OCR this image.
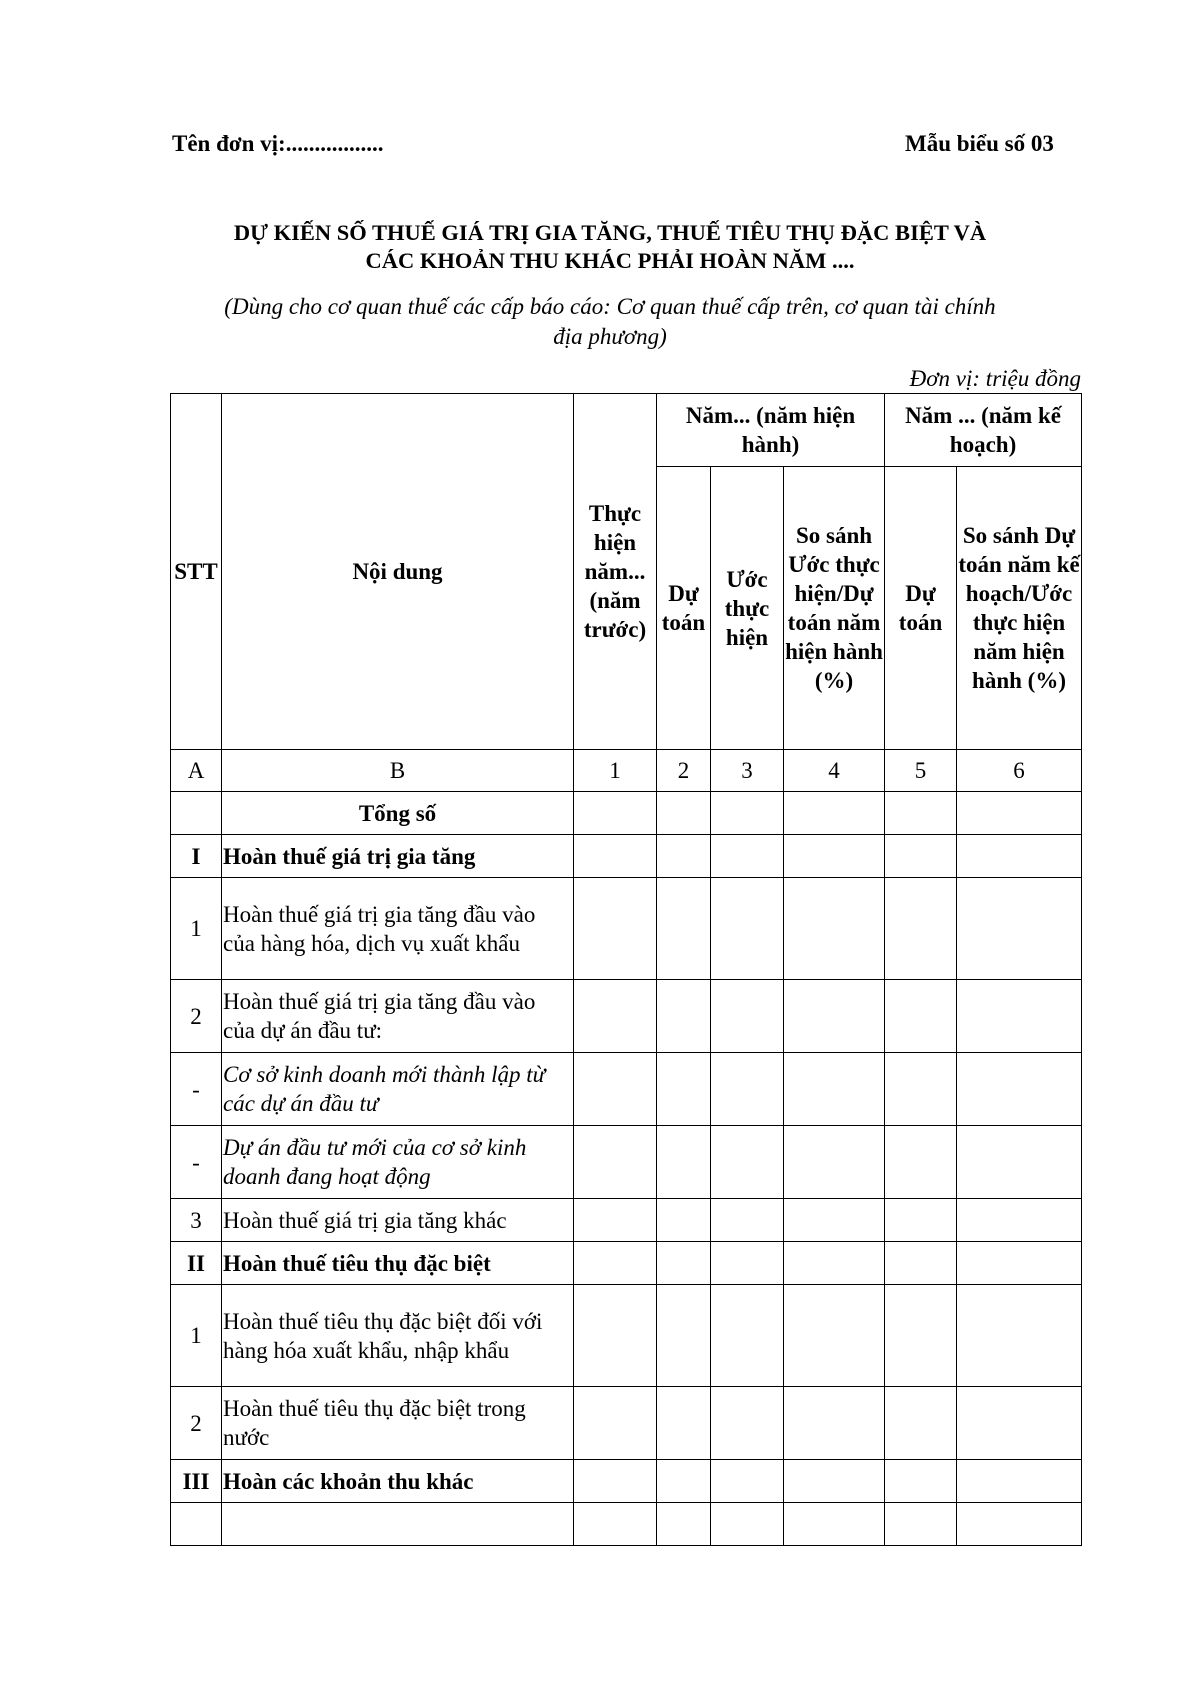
Tên đơn vị:.................	Mẫu biểu số 03
DỰ KIẾN SỐ THUẾ GIÁ TRỊ GIA TĂNG, THUẾ TIÊU THỤ ĐẶC BIỆT VÀ
CÁC KHOẢN THU KHÁC PHẢI HOÀN NĂM ....
(Dùng cho cơ quan thuế các cấp báo cáo: Cơ quan thuế cấp trên, cơ quan tài chính
địa phương)
Đơn vị: triệu đồng
STT	Nội dung	Thực hiện năm... (năm trước)	Năm... (năm hiện hành)			Năm ... (năm kế hoạch)	
			Dự toán	Ước thực hiện	So sánh Ước thực hiện/Dự toán năm hiện hành (%)	Dự toán	So sánh Dự toán năm kế hoạch/Ước thực hiện năm hiện hành (%)
A	B	1	2	3	4	5	6
	Tổng số						
I	Hoàn thuế giá trị gia tăng						
1	Hoàn thuế giá trị gia tăng đầu vào của hàng hóa, dịch vụ xuất khẩu						
2	Hoàn thuế giá trị gia tăng đầu vào của dự án đầu tư:						
-	Cơ sở kinh doanh mới thành lập từ các dự án đầu tư						
-	Dự án đầu tư mới của cơ sở kinh doanh đang hoạt động						
3	Hoàn thuế giá trị gia tăng khác						
II	Hoàn thuế tiêu thụ đặc biệt						
1	Hoàn thuế tiêu thụ đặc biệt đối với hàng hóa xuất khẩu, nhập khẩu						
2	Hoàn thuế tiêu thụ đặc biệt trong nước						
III	Hoàn các khoản thu khác						
